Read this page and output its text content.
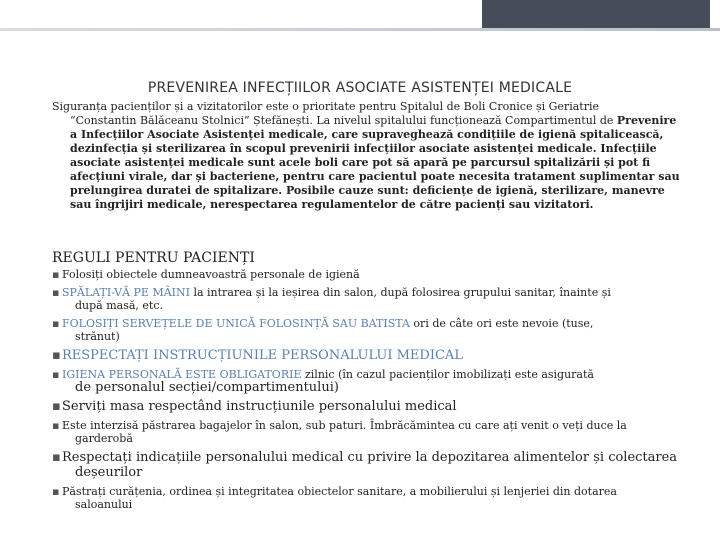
PREVENIREA INFECȚIILOR ASOCIATE ASISTENȚEI MEDICALE
Siguranța pacienților și a vizitatorilor este o prioritate pentru Spitalul de Boli Cronice și Geriatrie
“Constantin Bălăceanu Stolnici” Ștefănești. La nivelul spitalului funcționează Compartimentul de Prevenire a Infecțiilor Asociate Asistenței medicale, care supraveghează condițiile de igienă spitalicească, dezinfecția și sterilizarea în scopul prevenirii infecțiilor asociate asistenței medicale. Infecțiile asociate asistenței medicale sunt acele boli care pot să apară pe parcursul spitalizării și pot fi afecțiuni virale, dar și bacteriene, pentru care pacientul poate necesita tratament suplimentar sau prelungirea duratei de spitalizare. Posibile cauze sunt: deficiențe de igienă, sterilizare, manevre sau îngrijiri medicale, nerespectarea regulamentelor de către pacienți sau vizitatori.
REGULI PENTRU PACIENȚI
▪ Folosiți obiectele dumneavoastră personale de igienă
▪ SPĂLAȚI-VĂ PE MÂINI la intrarea și la ieșirea din salon, după folosirea grupului sanitar, înainte și
după masă, etc.
▪ FOLOSIȚI SERVEȚELE DE UNICĂ FOLOSINȚĂ SAU BATISTA ori de câte ori este nevoie (tuse,
strănut)
▪ RESPECTAȚI INSTRUCȚIUNILE PERSONALULUI MEDICAL
▪ IGIENA PERSONALĂ ESTE OBLIGATORIE zilnic (în cazul pacienților imobilizați este asigurată
de personalul secției/compartimentului)
▪ Serviți masa respectând instrucțiunile personalului medical
▪ Este interzisă păstrarea bagajelor în salon, sub paturi. Îmbrăcămintea cu care ați venit o veți duce la
garderobă
▪ Respectați indicațiile personalului medical cu privire la depozitarea alimentelor și colectarea
deșeurilor
▪ Păstrați curățenia, ordinea și integritatea obiectelor sanitare, a mobilierului și lenjeriei din dotarea
saloanului
